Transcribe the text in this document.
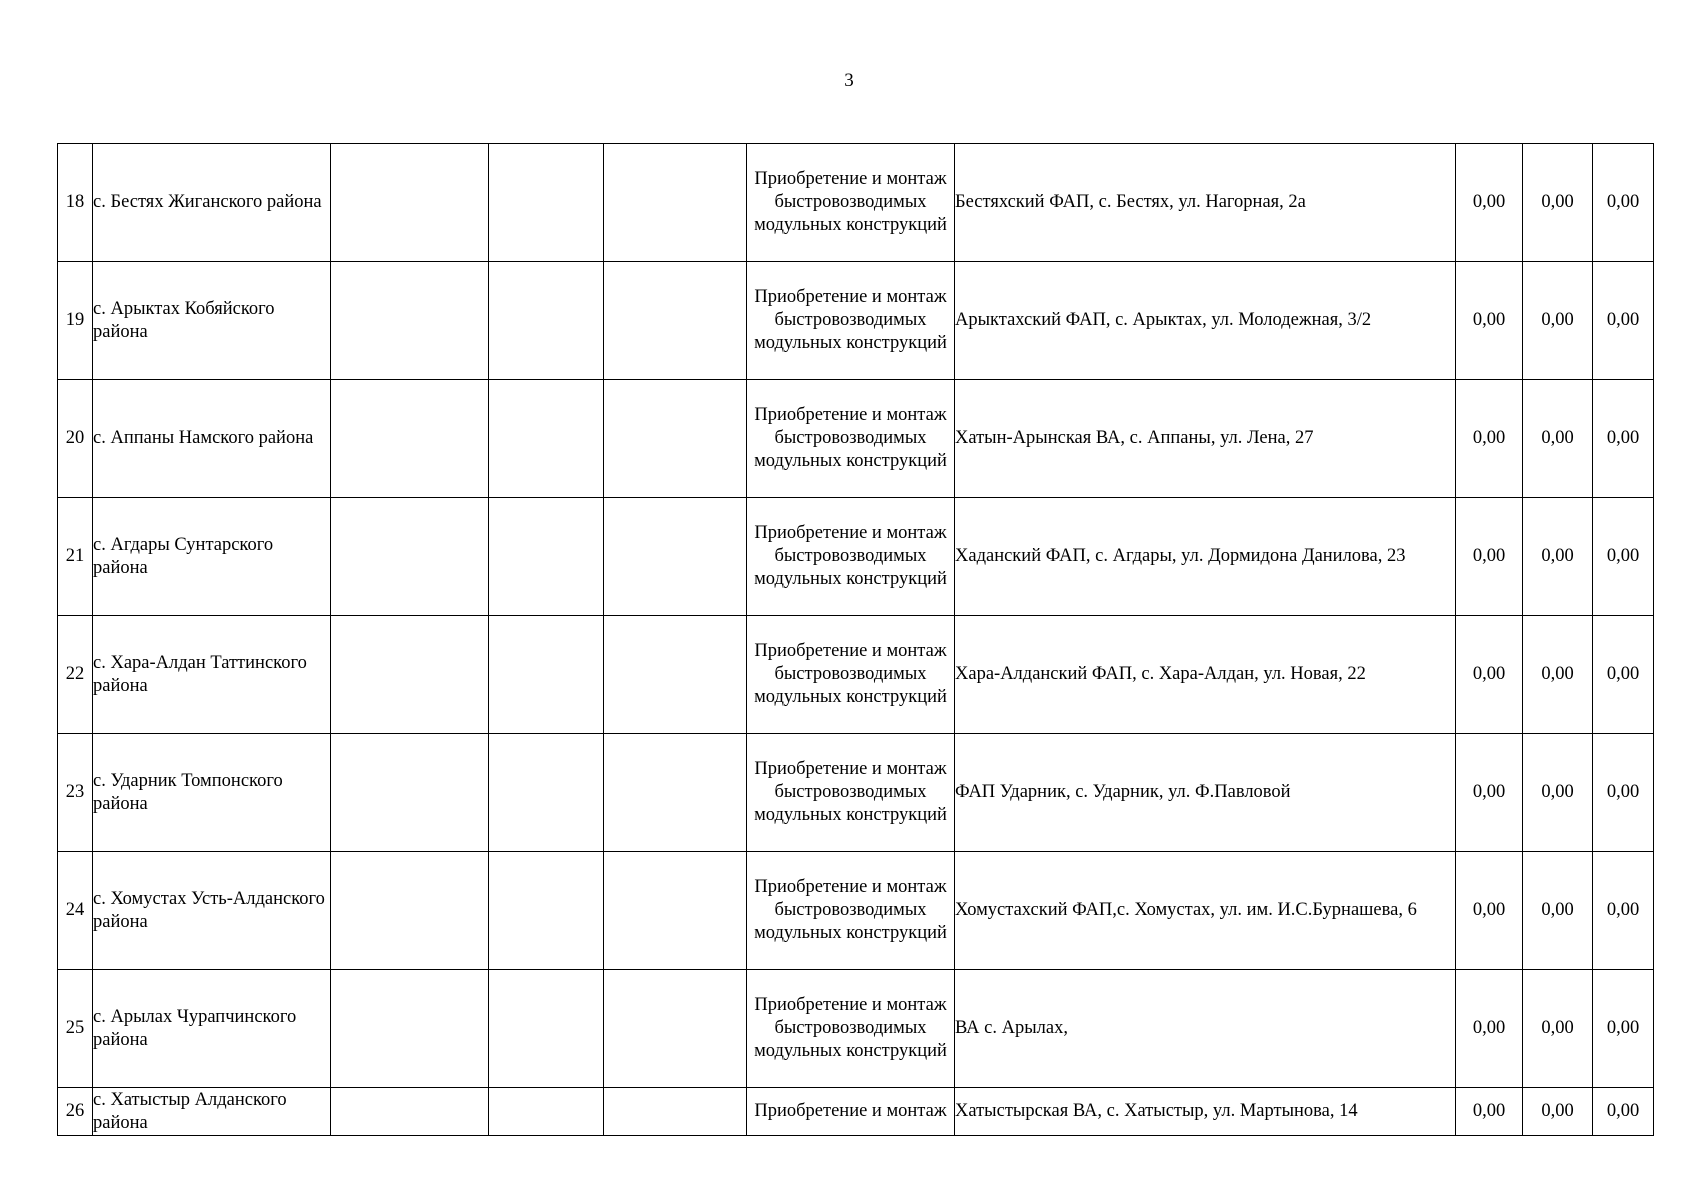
3
18	с. Бестях Жиганского района				Приобретение и монтаж быстровозводимых модульных конструкций	Бестяхский ФАП, с. Бестях, ул. Нагорная, 2а	0,00	0,00	0,00
19	с. Арыктах Кобяйского района				Приобретение и монтаж быстровозводимых модульных конструкций	Арыктахский ФАП, с. Арыктах, ул. Молодежная, 3/2	0,00	0,00	0,00
20	с. Аппаны Намского района				Приобретение и монтаж быстровозводимых модульных конструкций	Хатын-Арынская ВА, с. Аппаны, ул. Лена, 27	0,00	0,00	0,00
21	с. Агдары Сунтарского района				Приобретение и монтаж быстровозводимых модульных конструкций	Хаданский ФАП, с. Агдары, ул. Дормидона Данилова, 23	0,00	0,00	0,00
22	с. Хара-Алдан Таттинского района				Приобретение и монтаж быстровозводимых модульных конструкций	Хара-Алданский ФАП, с. Хара-Алдан, ул. Новая, 22	0,00	0,00	0,00
23	с. Ударник Томпонского района				Приобретение и монтаж быстровозводимых модульных конструкций	ФАП Ударник, с. Ударник, ул. Ф.Павловой	0,00	0,00	0,00
24	с. Хомустах Усть-Алданского района				Приобретение и монтаж быстровозводимых модульных конструкций	Хомустахский ФАП,с. Хомустах, ул. им. И.С.Бурнашева, 6	0,00	0,00	0,00
25	с. Арылах Чурапчинского района				Приобретение и монтаж быстровозводимых модульных конструкций	ВА с. Арылах,	0,00	0,00	0,00
26	с. Хатыстыр Алданского района				Приобретение и монтаж	Хатыстырская ВА, с. Хатыстыр, ул. Мартынова, 14	0,00	0,00	0,00
